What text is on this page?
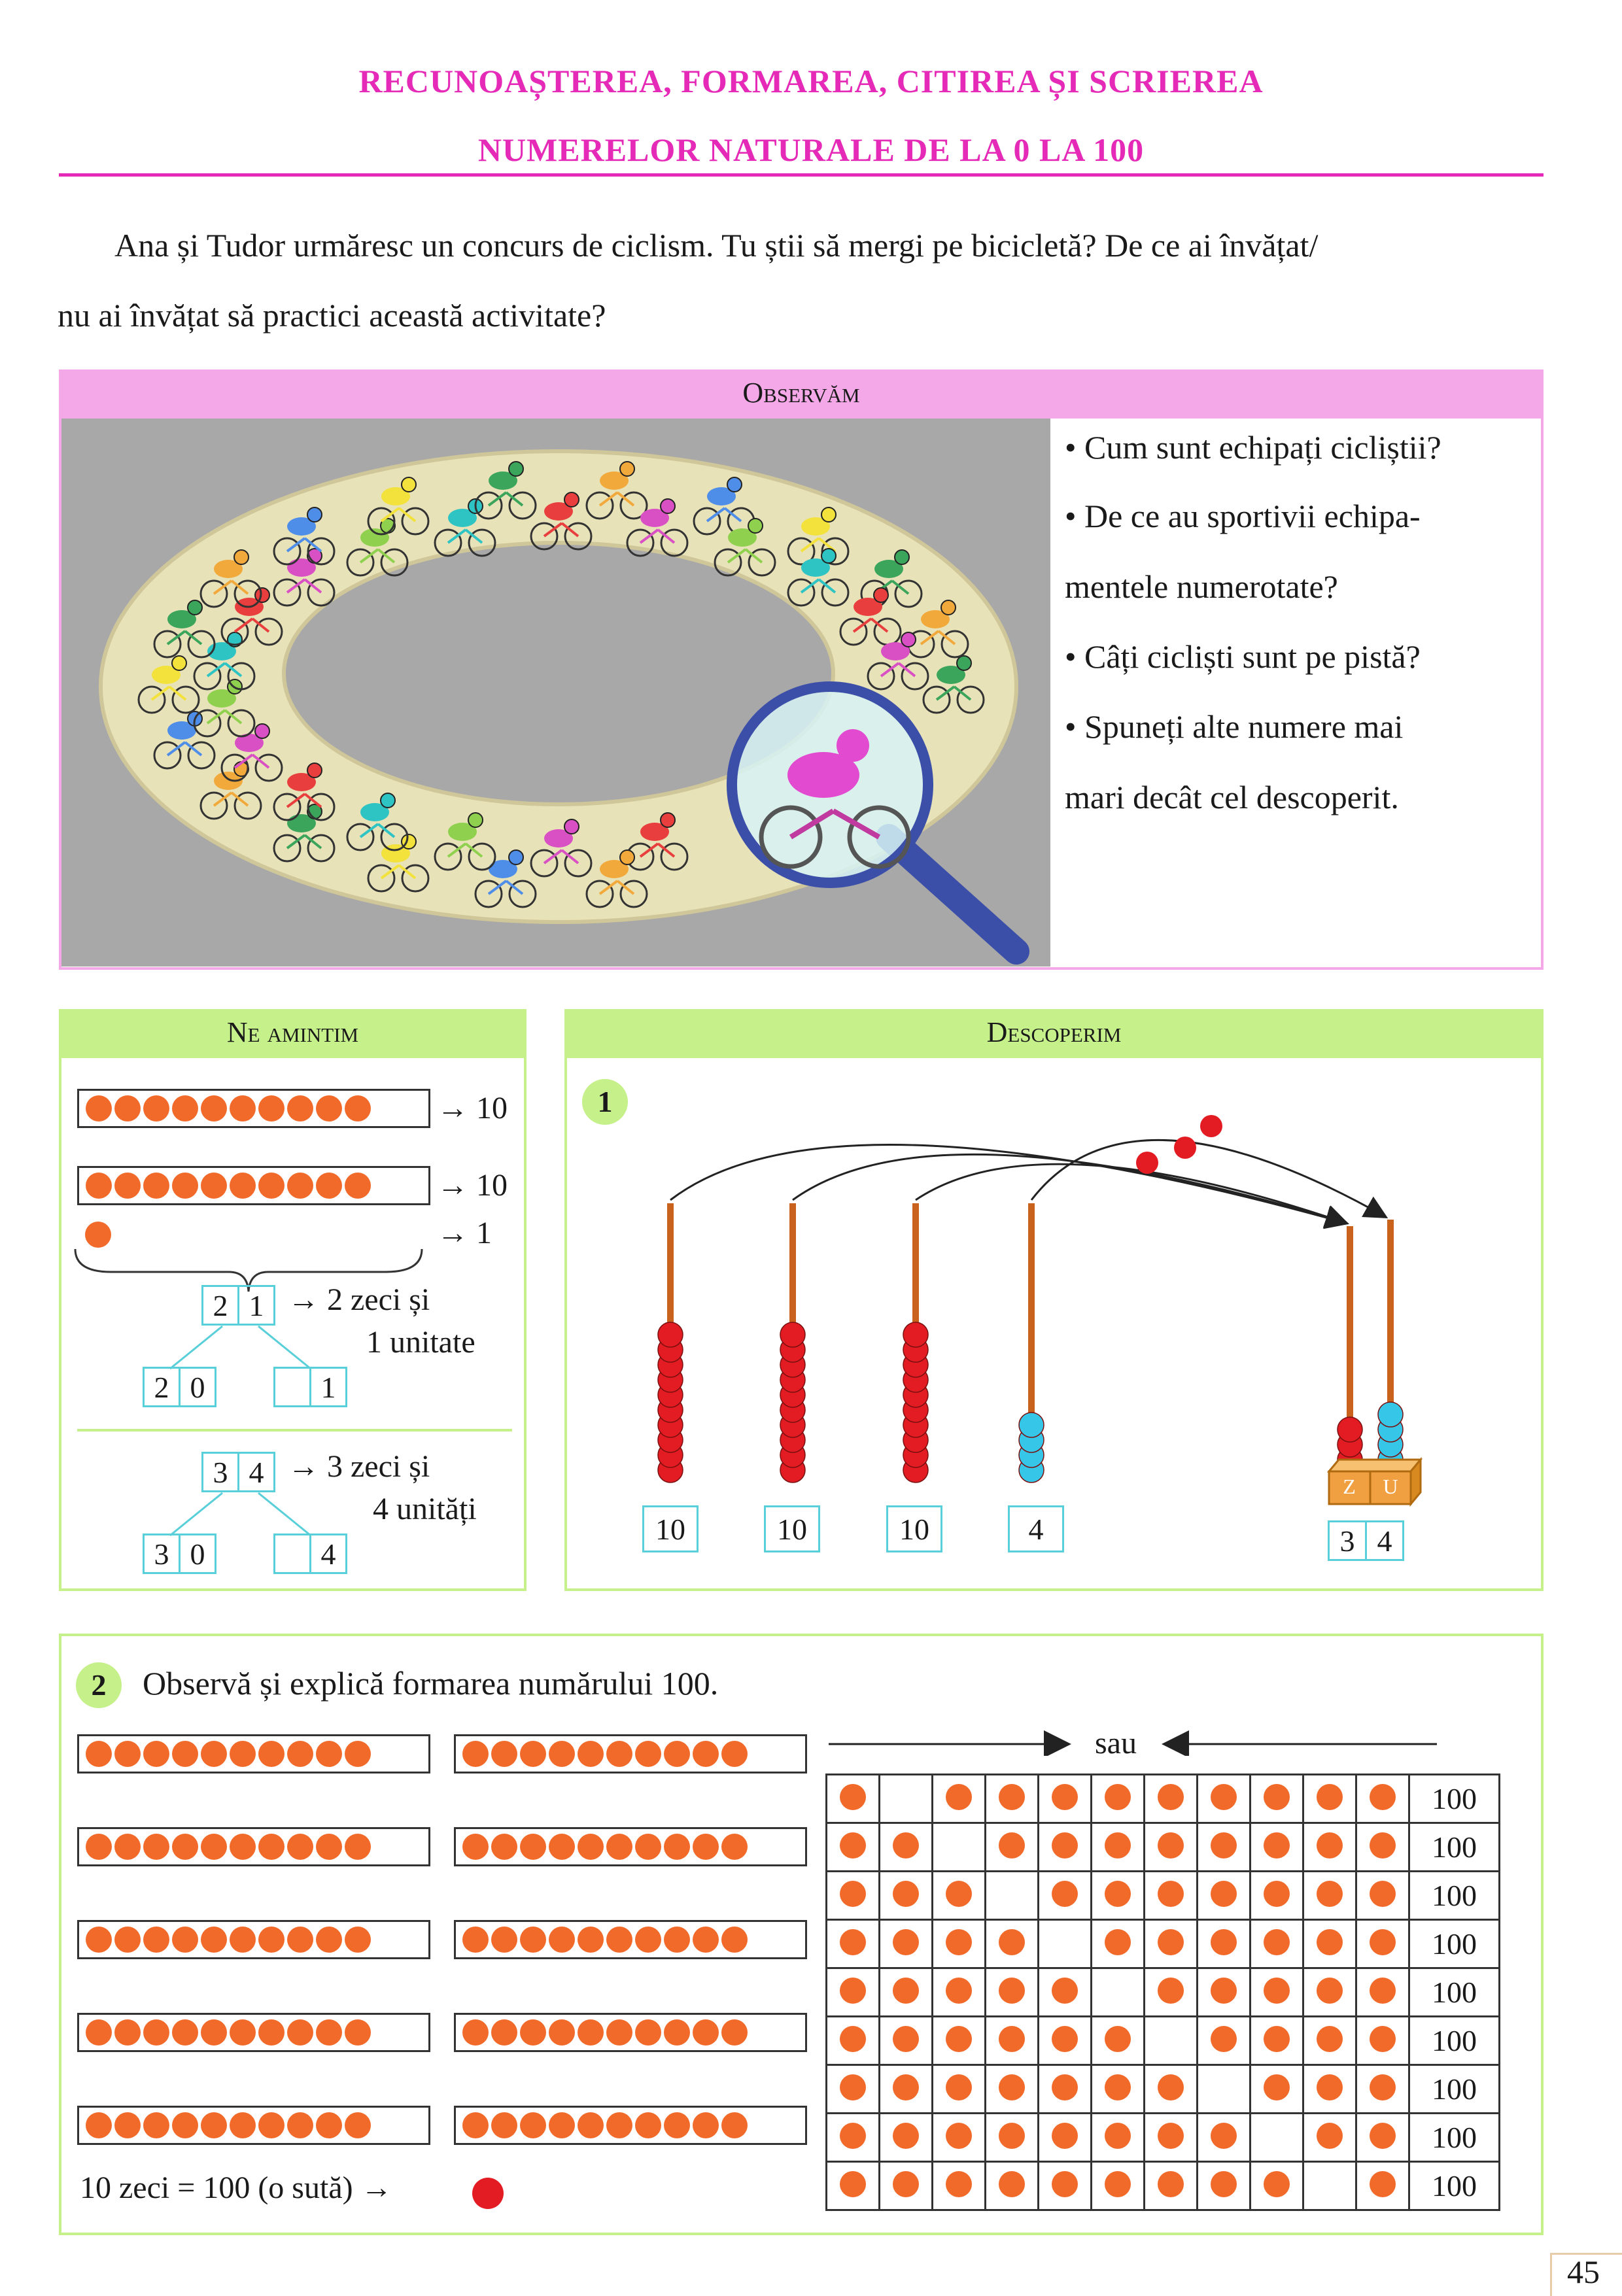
RECUNOAȘTEREA, FORMAREA, CITIREA ȘI SCRIEREA
NUMERELOR NATURALE DE LA 0 LA 100
Ana și Tudor urmăresc un concurs de ciclism. Tu știi să mergi pe bicicletă? De ce ai învățat/
nu ai învățat să practici această activitate?
Observăm
• Cum sunt echipați cicliștii?
• De ce au sportivii echipa-
mentele numerotate?
• Câți cicliști sunt pe pistă?
• Spuneți alte numere mai
mari decât cel descoperit.
Ne amintim
→ 10
→ 10
→ 1
2 1 → 2 zeci și
1 unitate
2 0	1
3 4 → 3 zeci și
4 unități
3 0	4
Descoperim
1
Z U
10	10	10	4	3 4
2	Observă și explică formarea numărului 100.
10 zeci = 100 (o sută) →
sau
											100
											100
											100
											100
											100
											100
											100
											100
											100
45
